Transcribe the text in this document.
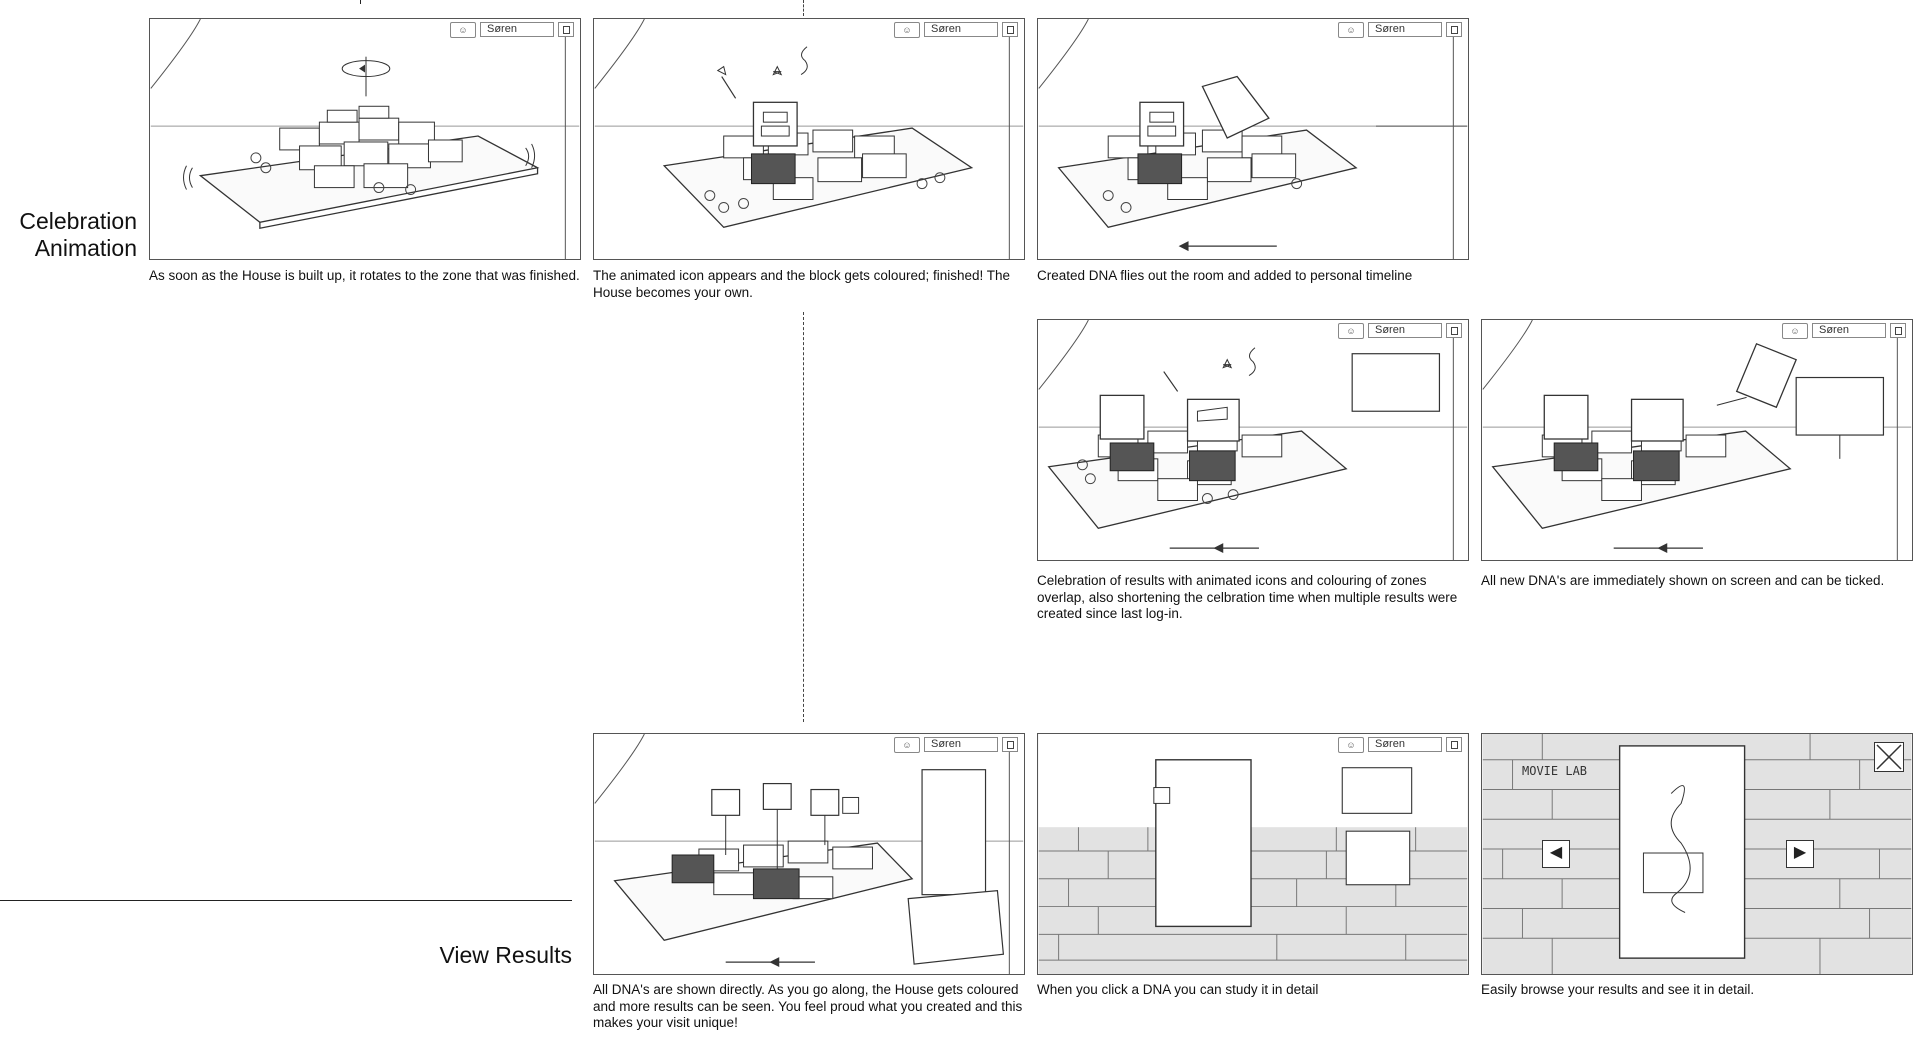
Celebration
Animation
View Results
☺	Søren
As soon as the House is built up, it rotates to the zone that was finished.
☺	Søren
The animated icon appears and the block gets coloured; finished! The House becomes your own.
☺	Søren
Created DNA flies out the room and added to personal timeline
☺	Søren
Celebration of results with animated icons and colouring of zones overlap, also shortening the celbration time when multiple results were created since last log-in.
☺	Søren
All new DNA's are immediately shown on screen and can be ticked.
☺	Søren
All DNA's are shown directly. As you go along, the House gets coloured and more results can be seen. You feel proud what you created and this makes your visit unique!
☺	Søren
When you click a DNA you can study it in detail
MOVIE LAB
◀	▶
Easily browse your results and see it in detail.
